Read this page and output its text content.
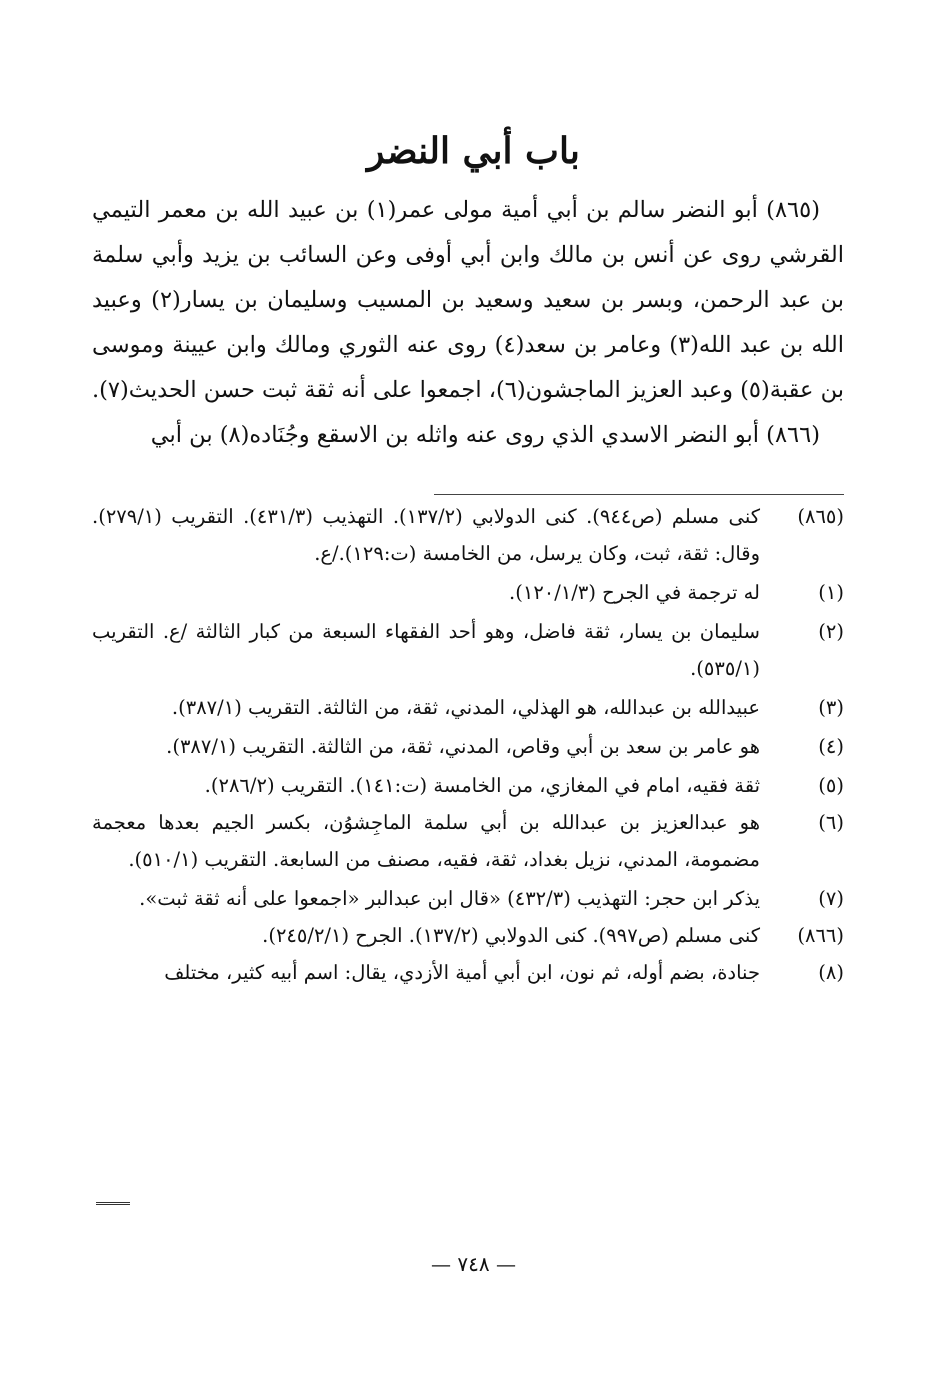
باب أبي النضر

(٨٦٥) أبو النضر سالم بن أبي أمية مولى عمر(١) بن عبيد الله بن معمر التيمي القرشي روى عن أنس بن مالك وابن أبي أوفى وعن السائب بن يزيد وأبي سلمة بن عبد الرحمن، وبسر بن سعيد وسعيد بن المسيب وسليمان بن يسار(٢) وعبيد الله بن عبد الله(٣) وعامر بن سعد(٤) روى عنه الثوري ومالك وابن عيينة وموسى بن عقبة(٥) وعبد العزيز الماجشون(٦)، اجمعوا على أنه ثقة ثبت حسن الحديث(٧).

(٨٦٦) أبو النضر الاسدي الذي روى عنه واثله بن الاسقع وجُنَاده(٨) بن أبي

(٨٦٥)
كنى مسلم (ص٩٤٤). كنى الدولابي (١٣٧/٢). التهذيب (٤٣١/٣). التقريب (٢٧٩/١). وقال: ثقة، ثبت، وكان يرسل، من الخامسة (ت:١٢٩)./ع.
(١)
له ترجمة في الجرح (١٢٠/١/٣).
(٢)
سليمان بن يسار، ثقة فاضل، وهو أحد الفقهاء السبعة من كبار الثالثة /ع. التقريب (٥٣٥/١).
(٣)
عبيدالله بن عبدالله، هو الهذلي، المدني، ثقة، من الثالثة. التقريب (٣٨٧/١).
(٤)
هو عامر بن سعد بن أبي وقاص، المدني، ثقة، من الثالثة. التقريب (٣٨٧/١).
(٥)
ثقة فقيه، امام في المغازي، من الخامسة (ت:١٤١). التقريب (٢٨٦/٢).
(٦)
هو عبدالعزيز بن عبدالله بن أبي سلمة الماجِشوُن، بكسر الجيم بعدها معجمة مضمومة، المدني، نزيل بغداد، ثقة، فقيه، مصنف من السابعة. التقريب (٥١٠/١).
(٧)
يذكر ابن حجر: التهذيب (٤٣٢/٣) «قال ابن عبدالبر «اجمعوا على أنه ثقة ثبت».
(٨٦٦)
كنى مسلم (ص٩٩٧). كنى الدولابي (١٣٧/٢). الجرح (٢٤٥/٢/١).
(٨)
جنادة، بضم أوله، ثم نون، ابن أبي أمية الأزدي، يقال: اسم أبيه كثير، مختلف
— ٧٤٨ —
